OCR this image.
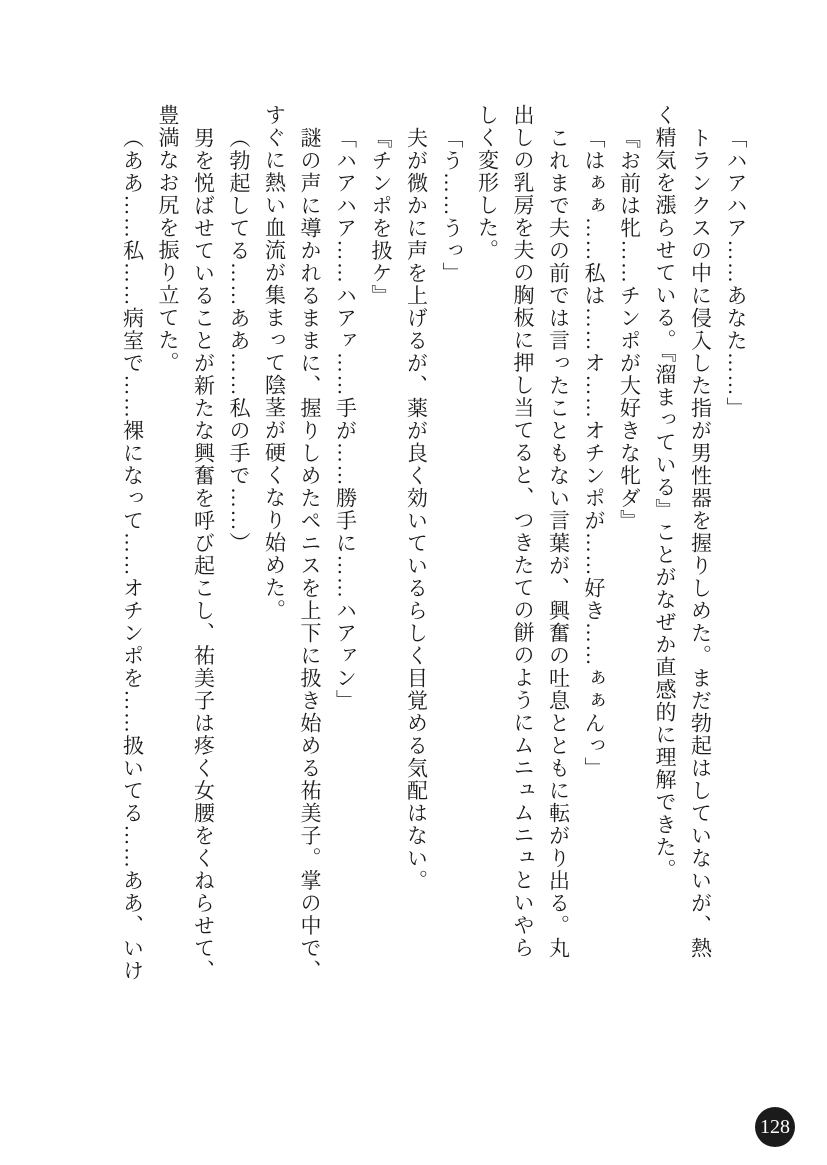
「ハアハア……あなた……」

トランクスの中に侵入した指が男性器を握りしめた。まだ勃起はしていないが、熱

く精気を漲らせている。『溜まっている』ことがなぜか直感的に理解できた。

『お前は牝……チンポが大好きな牝ダ』

「はぁぁ……私は……オ……オチンポが……好き……ぁぁんっ」

これまで夫の前では言ったこともない言葉が、興奮の吐息とともに転がり出る。丸

出しの乳房を夫の胸板に押し当てると、つきたての餅のようにムニュムニュといやら

しく変形した。

「う……うっ」

夫が微かに声を上げるが、薬が良く効いているらしく目覚める気配はない。

『チンポを扱ケ』

「ハアハア……ハアァ……手が……勝手に……ハアァン」

謎の声に導かれるままに、握りしめたペニスを上下に扱き始める祐美子。掌の中で、

すぐに熱い血流が集まって陰茎が硬くなり始めた。

（勃起してる……ああ……私の手で……）

男を悦ばせていることが新たな興奮を呼び起こし、祐美子は疼く女腰をくねらせて、

豊満なお尻を振り立てた。

（ああ……私……病室で……裸になって……オチンポを……扱いてる……ああ、いけ

128
